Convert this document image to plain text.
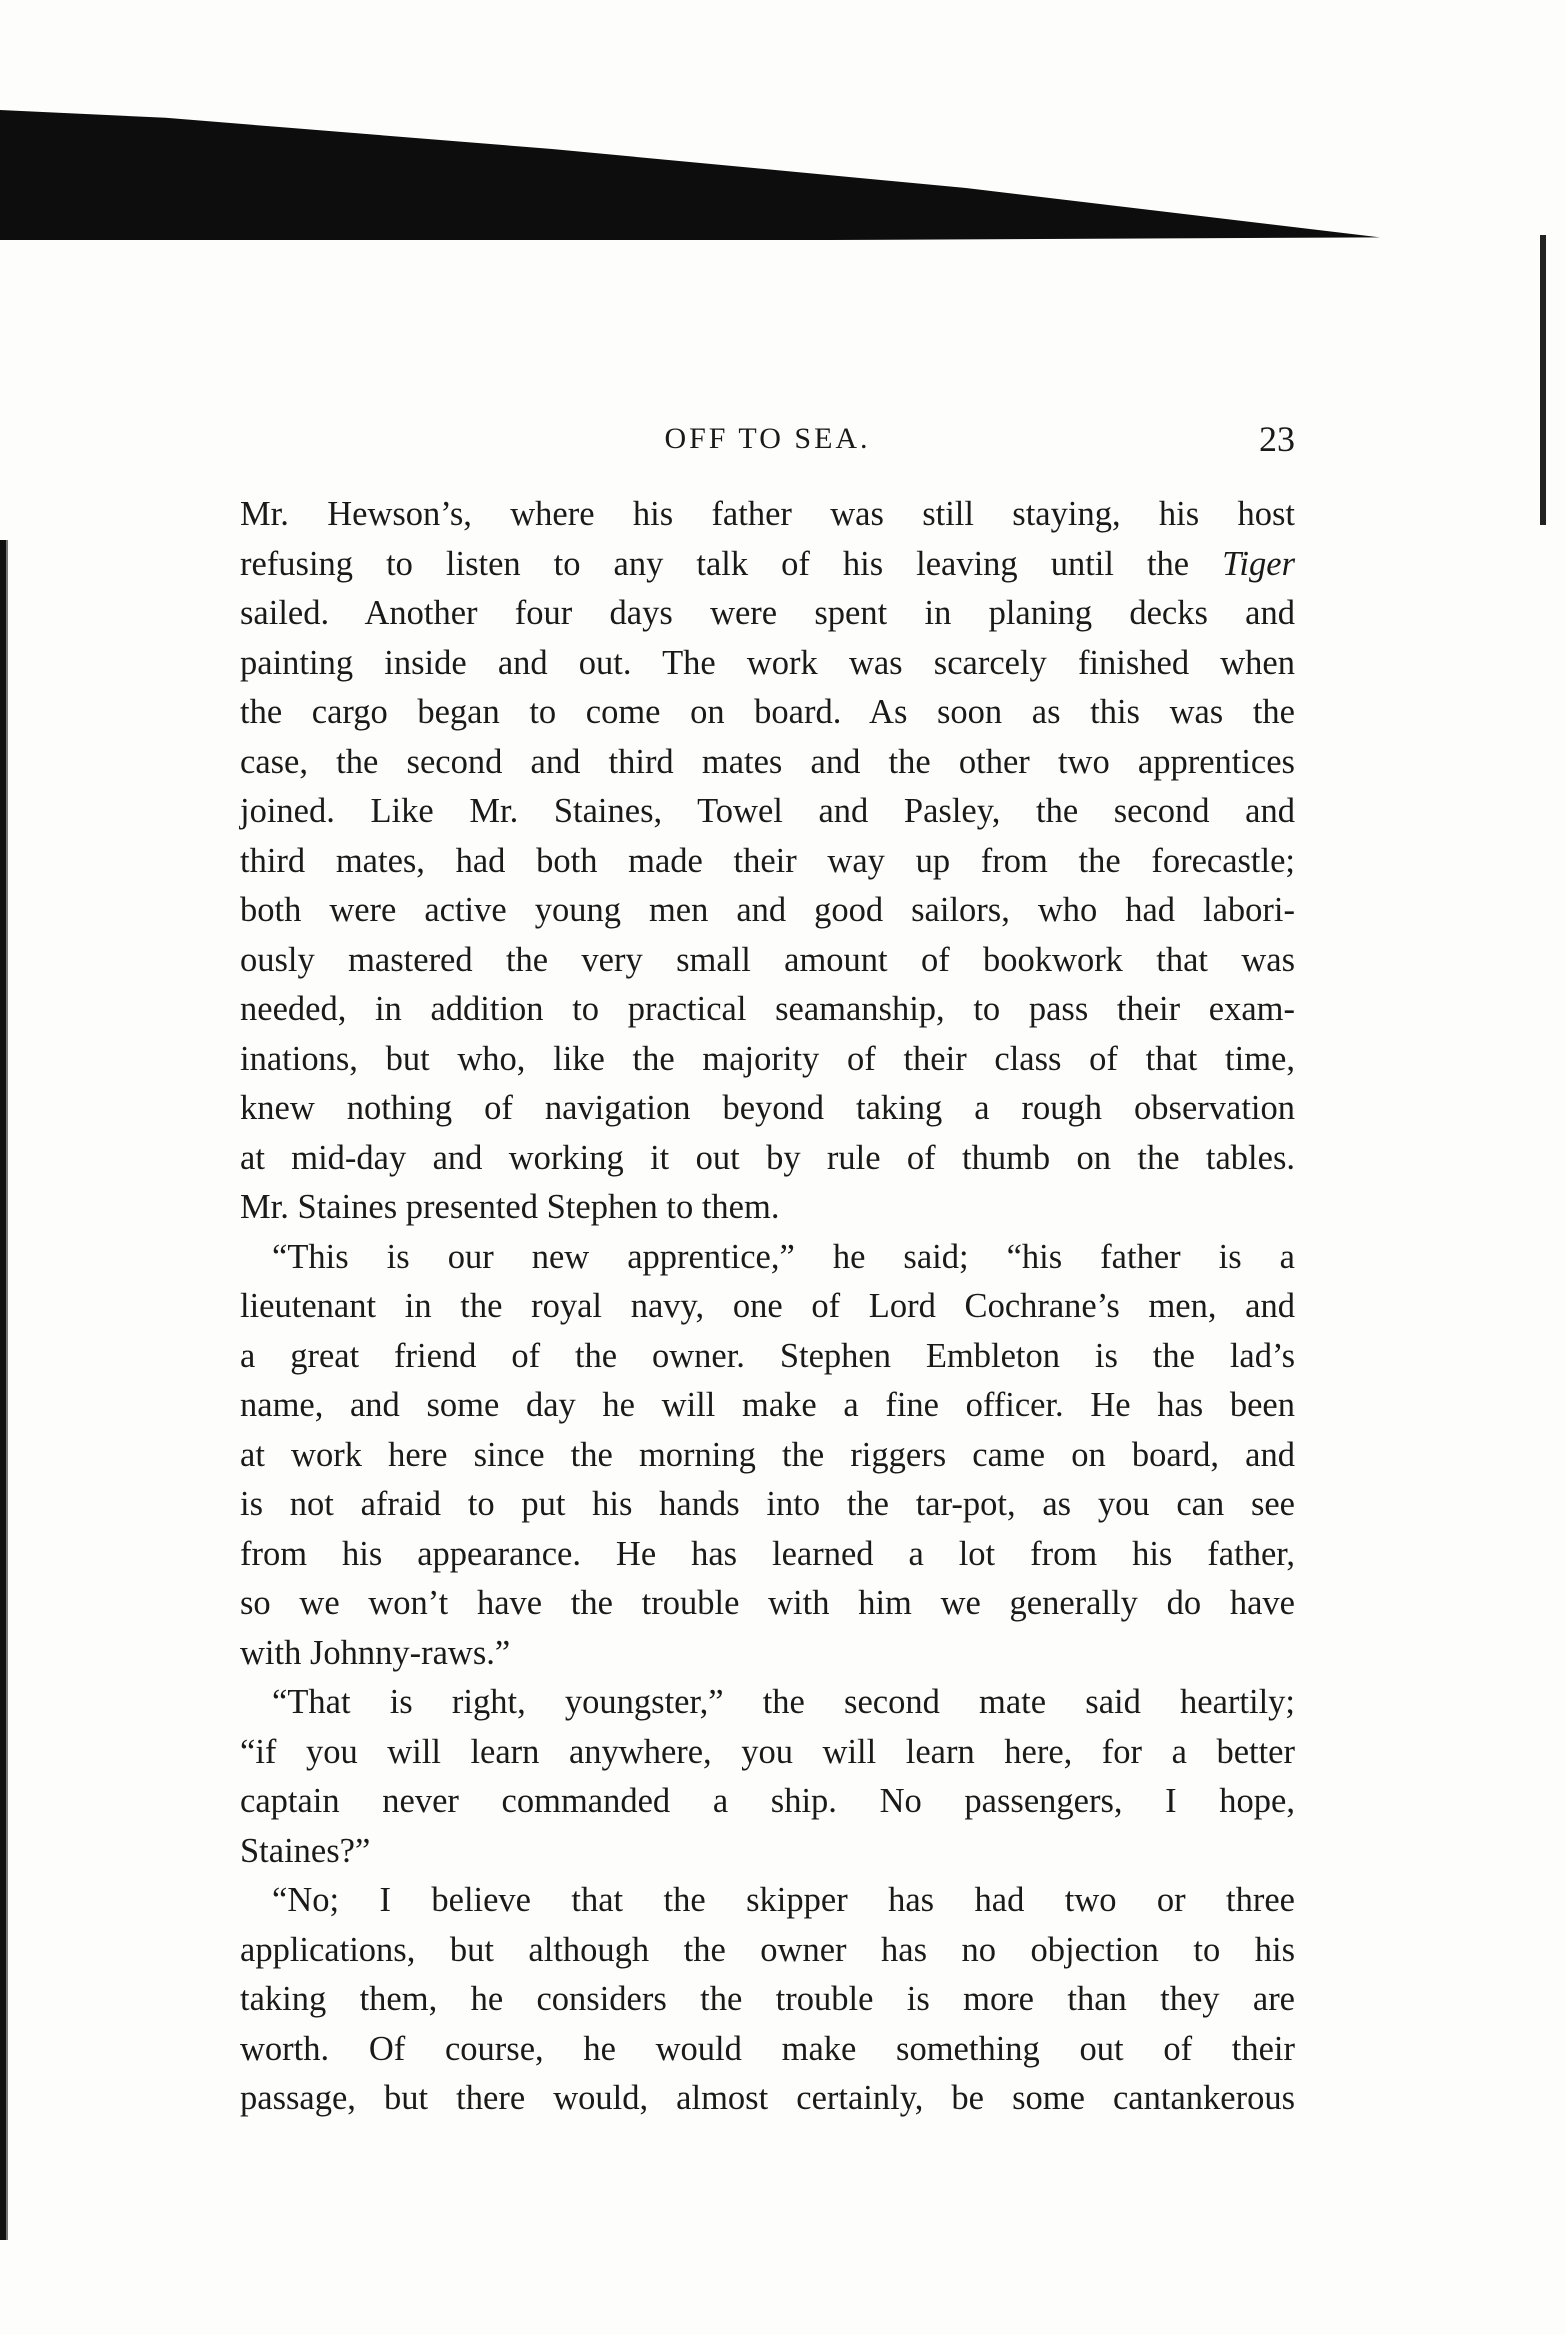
OFF TO SEA.	23
Mr. Hewson’s, where his father was still staying, his host
refusing to listen to any talk of his leaving until the Tiger
sailed. Another four days were spent in planing decks and
painting inside and out. The work was scarcely finished when
the cargo began to come on board. As soon as this was the
case, the second and third mates and the other two apprentices
joined. Like Mr. Staines, Towel and Pasley, the second and
third mates, had both made their way up from the forecastle;
both were active young men and good sailors, who had labori-
ously mastered the very small amount of bookwork that was
needed, in addition to practical seamanship, to pass their exam-
inations, but who, like the majority of their class of that time,
knew nothing of navigation beyond taking a rough observation
at mid-day and working it out by rule of thumb on the tables.
Mr. Staines presented Stephen to them.
“This is our new apprentice,” he said; “his father is a
lieutenant in the royal navy, one of Lord Cochrane’s men, and
a great friend of the owner. Stephen Embleton is the lad’s
name, and some day he will make a fine officer. He has been
at work here since the morning the riggers came on board, and
is not afraid to put his hands into the tar-pot, as you can see
from his appearance. He has learned a lot from his father,
so we won’t have the trouble with him we generally do have
with Johnny-raws.”
“That is right, youngster,” the second mate said heartily;
“if you will learn anywhere, you will learn here, for a better
captain never commanded a ship. No passengers, I hope,
Staines?”
“No; I believe that the skipper has had two or three
applications, but although the owner has no objection to his
taking them, he considers the trouble is more than they are
worth. Of course, he would make something out of their
passage, but there would, almost certainly, be some cantankerous
